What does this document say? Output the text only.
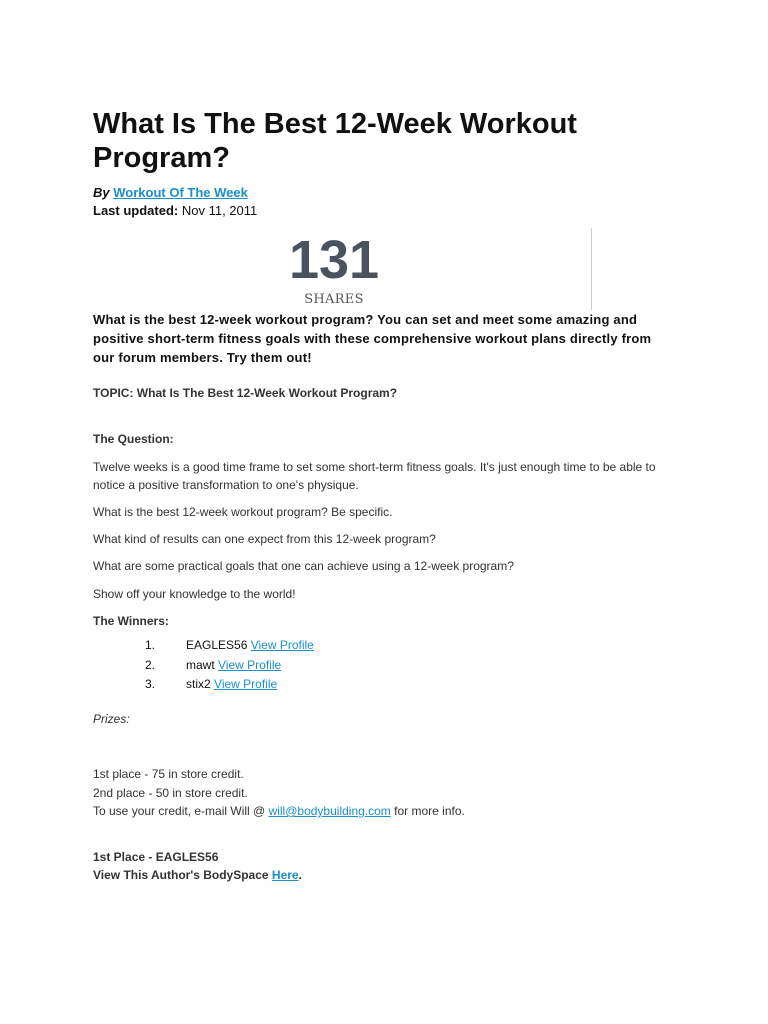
What Is The Best 12-Week Workout Program?
By Workout Of The Week
Last updated: Nov 11, 2011
131
SHARES
What is the best 12-week workout program? You can set and meet some amazing and positive short-term fitness goals with these comprehensive workout plans directly from our forum members. Try them out!
TOPIC: What Is The Best 12-Week Workout Program?
The Question:
Twelve weeks is a good time frame to set some short-term fitness goals. It's just enough time to be able to notice a positive transformation to one's physique.
What is the best 12-week workout program? Be specific.
What kind of results can one expect from this 12-week program?
What are some practical goals that one can achieve using a 12-week program?
Show off your knowledge to the world!
The Winners:
1.	EAGLES56 View Profile
2.	mawt View Profile
3.	stix2 View Profile
Prizes:
1st place - 75 in store credit.
2nd place - 50 in store credit.
To use your credit, e-mail Will @ will@bodybuilding.com for more info.
1st Place - EAGLES56
View This Author's BodySpace Here.
